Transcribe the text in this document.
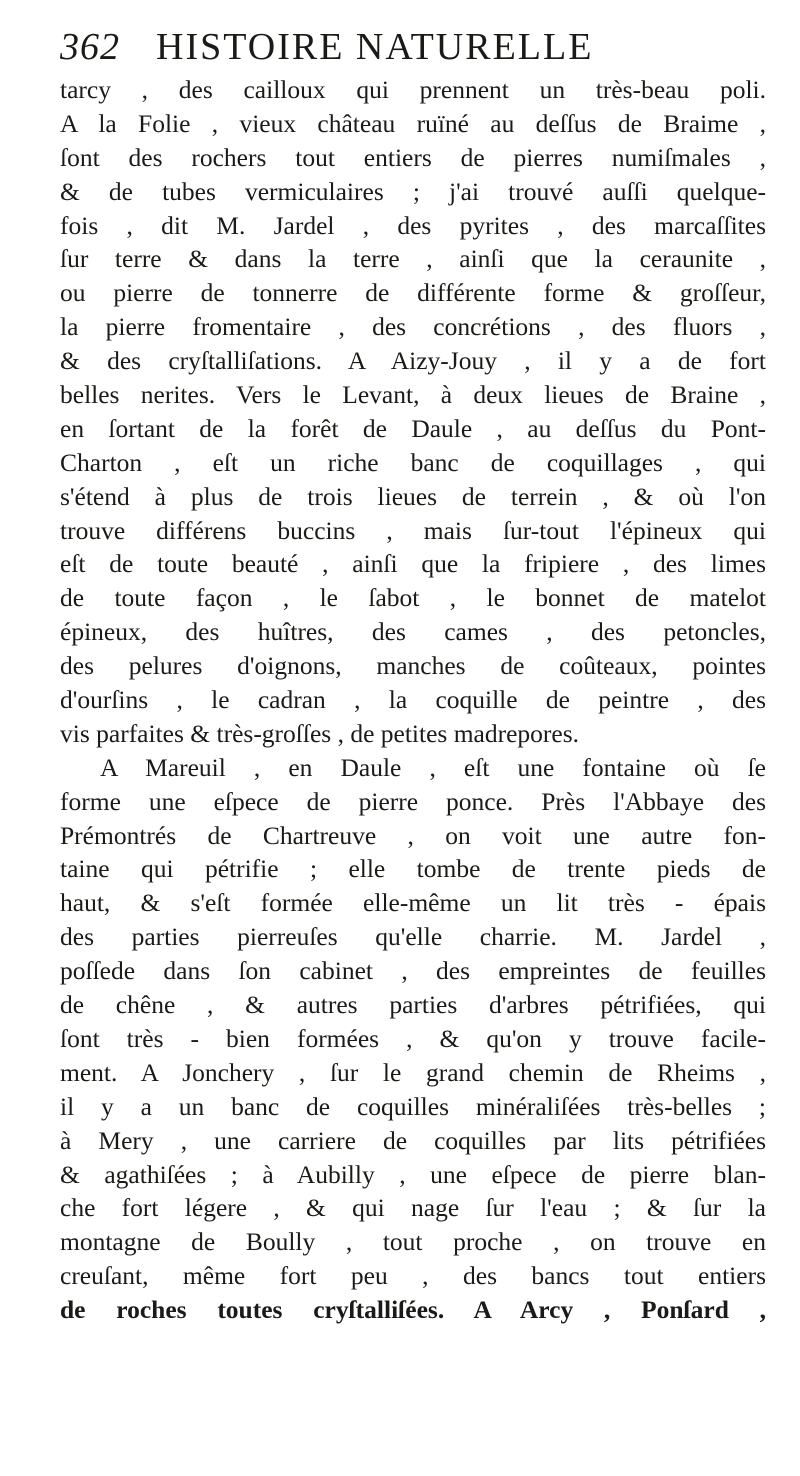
362 HISTOIRE NATURELLE
tarcy , des cailloux qui prennent un très-beau poli.
A la Folie , vieux château ruïné au deſſus de Braime ,
ſont des rochers tout entiers de pierres numiſmales ,
& de tubes vermiculaires ; j'ai trouvé auſſi quelque-
fois , dit M. Jardel , des pyrites , des marcaſſites
ſur terre & dans la terre , ainſi que la ceraunite ,
ou pierre de tonnerre de différente forme & groſſeur,
la pierre fromentaire , des concrétions , des fluors ,
& des cryſtalliſations. A Aizy-Jouy , il y a de fort
belles nerites. Vers le Levant, à deux lieues de Braine ,
en ſortant de la forêt de Daule , au deſſus du Pont-
Charton , eſt un riche banc de coquillages , qui
s'étend à plus de trois lieues de terrein , & où l'on
trouve différens buccins , mais ſur-tout l'épineux qui
eſt de toute beauté , ainſi que la fripiere , des limes
de toute façon , le ſabot , le bonnet de matelot
épineux, des huîtres, des cames , des petoncles,
des pelures d'oignons, manches de coûteaux, pointes
d'ourſins , le cadran , la coquille de peintre , des
vis parfaites & très-groſſes , de petites madrepores.
A Mareuil , en Daule , eſt une fontaine où ſe
forme une eſpece de pierre ponce. Près l'Abbaye des
Prémontrés de Chartreuve , on voit une autre fon-
taine qui pétrifie ; elle tombe de trente pieds de
haut, & s'eſt formée elle-même un lit très - épais
des parties pierreuſes qu'elle charrie. M. Jardel ,
poſſede dans ſon cabinet , des empreintes de feuilles
de chêne , & autres parties d'arbres pétrifiées, qui
ſont très - bien formées , & qu'on y trouve facile-
ment. A Jonchery , ſur le grand chemin de Rheims ,
il y a un banc de coquilles minéraliſées très-belles ;
à Mery , une carriere de coquilles par lits pétrifiées
& agathiſées ; à Aubilly , une eſpece de pierre blan-
che fort légere , & qui nage ſur l'eau ; & ſur la
montagne de Boully , tout proche , on trouve en
creuſant, même fort peu , des bancs tout entiers
de roches toutes cryſtalliſées. A Arcy , Ponſard ,
